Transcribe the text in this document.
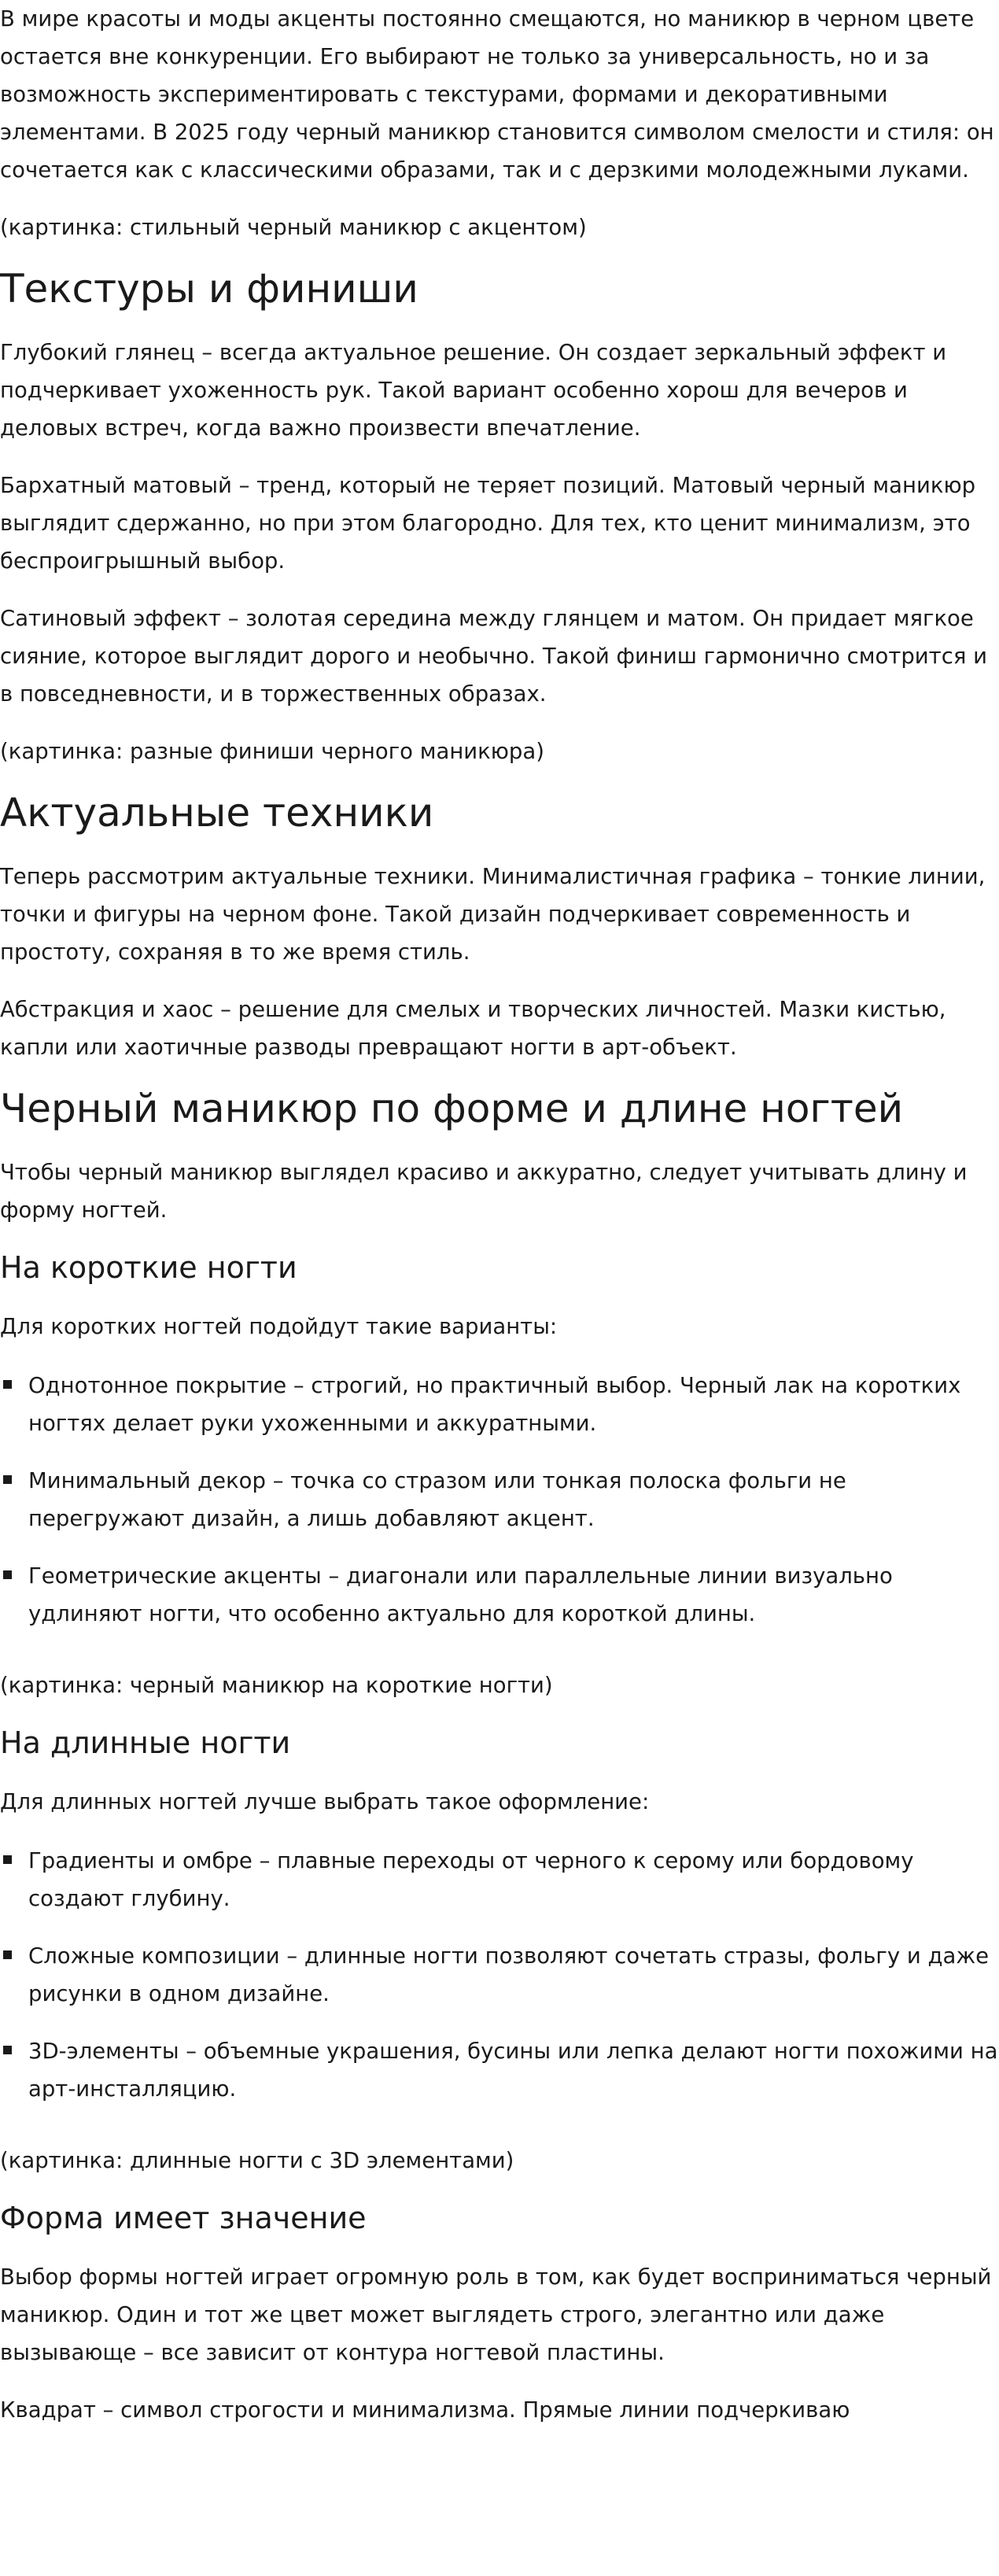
В мире красоты и моды акценты постоянно смещаются, но маникюр в черном цвете остается вне конкуренции. Его выбирают не только за универсальность, но и за возможность экспериментировать с текстурами, формами и декоративными элементами. В 2025 году черный маникюр становится символом смелости и стиля: он сочетается как с классическими образами, так и с дерзкими молодежными луками.

(картинка: стильный черный маникюр с акцентом)

Текстуры и финиши

Глубокий глянец – всегда актуальное решение. Он создает зеркальный эффект и подчеркивает ухоженность рук. Такой вариант особенно хорош для вечеров и деловых встреч, когда важно произвести впечатление.

Бархатный матовый – тренд, который не теряет позиций. Матовый черный маникюр выглядит сдержанно, но при этом благородно. Для тех, кто ценит минимализм, это беспроигрышный выбор.

Сатиновый эффект – золотая середина между глянцем и матом. Он придает мягкое сияние, которое выглядит дорого и необычно. Такой финиш гармонично смотрится и в повседневности, и в торжественных образах.

(картинка: разные финиши черного маникюра)

Актуальные техники

Теперь рассмотрим актуальные техники. Минималистичная графика – тонкие линии, точки и фигуры на черном фоне. Такой дизайн подчеркивает современность и простоту, сохраняя в то же время стиль.

Абстракция и хаос – решение для смелых и творческих личностей. Мазки кистью, капли или хаотичные разводы превращают ногти в арт-объект.

Черный маникюр по форме и длине ногтей

Чтобы черный маникюр выглядел красиво и аккуратно, следует учитывать длину и форму ногтей.

На короткие ногти

Для коротких ногтей подойдут такие варианты:

Однотонное покрытие – строгий, но практичный выбор. Черный лак на коротких ногтях делает руки ухоженными и аккуратными.
Минимальный декор – точка со стразом или тонкая полоска фольги не перегружают дизайн, а лишь добавляют акцент.
Геометрические акценты – диагонали или параллельные линии визуально удлиняют ногти, что особенно актуально для короткой длины.

(картинка: черный маникюр на короткие ногти)

На длинные ногти

Для длинных ногтей лучше выбрать такое оформление:

Градиенты и омбре – плавные переходы от черного к серому или бордовому создают глубину.
Сложные композиции – длинные ногти позволяют сочетать стразы, фольгу и даже рисунки в одном дизайне.
3D-элементы – объемные украшения, бусины или лепка делают ногти похожими на арт-инсталляцию.

(картинка: длинные ногти с 3D элементами)

Форма имеет значение

Выбор формы ногтей играет огромную роль в том, как будет восприниматься черный маникюр. Один и тот же цвет может выглядеть строго, элегантно или даже вызывающе – все зависит от контура ногтевой пластины.

Квадрат – символ строгости и минимализма. Прямые линии подчеркиваю
